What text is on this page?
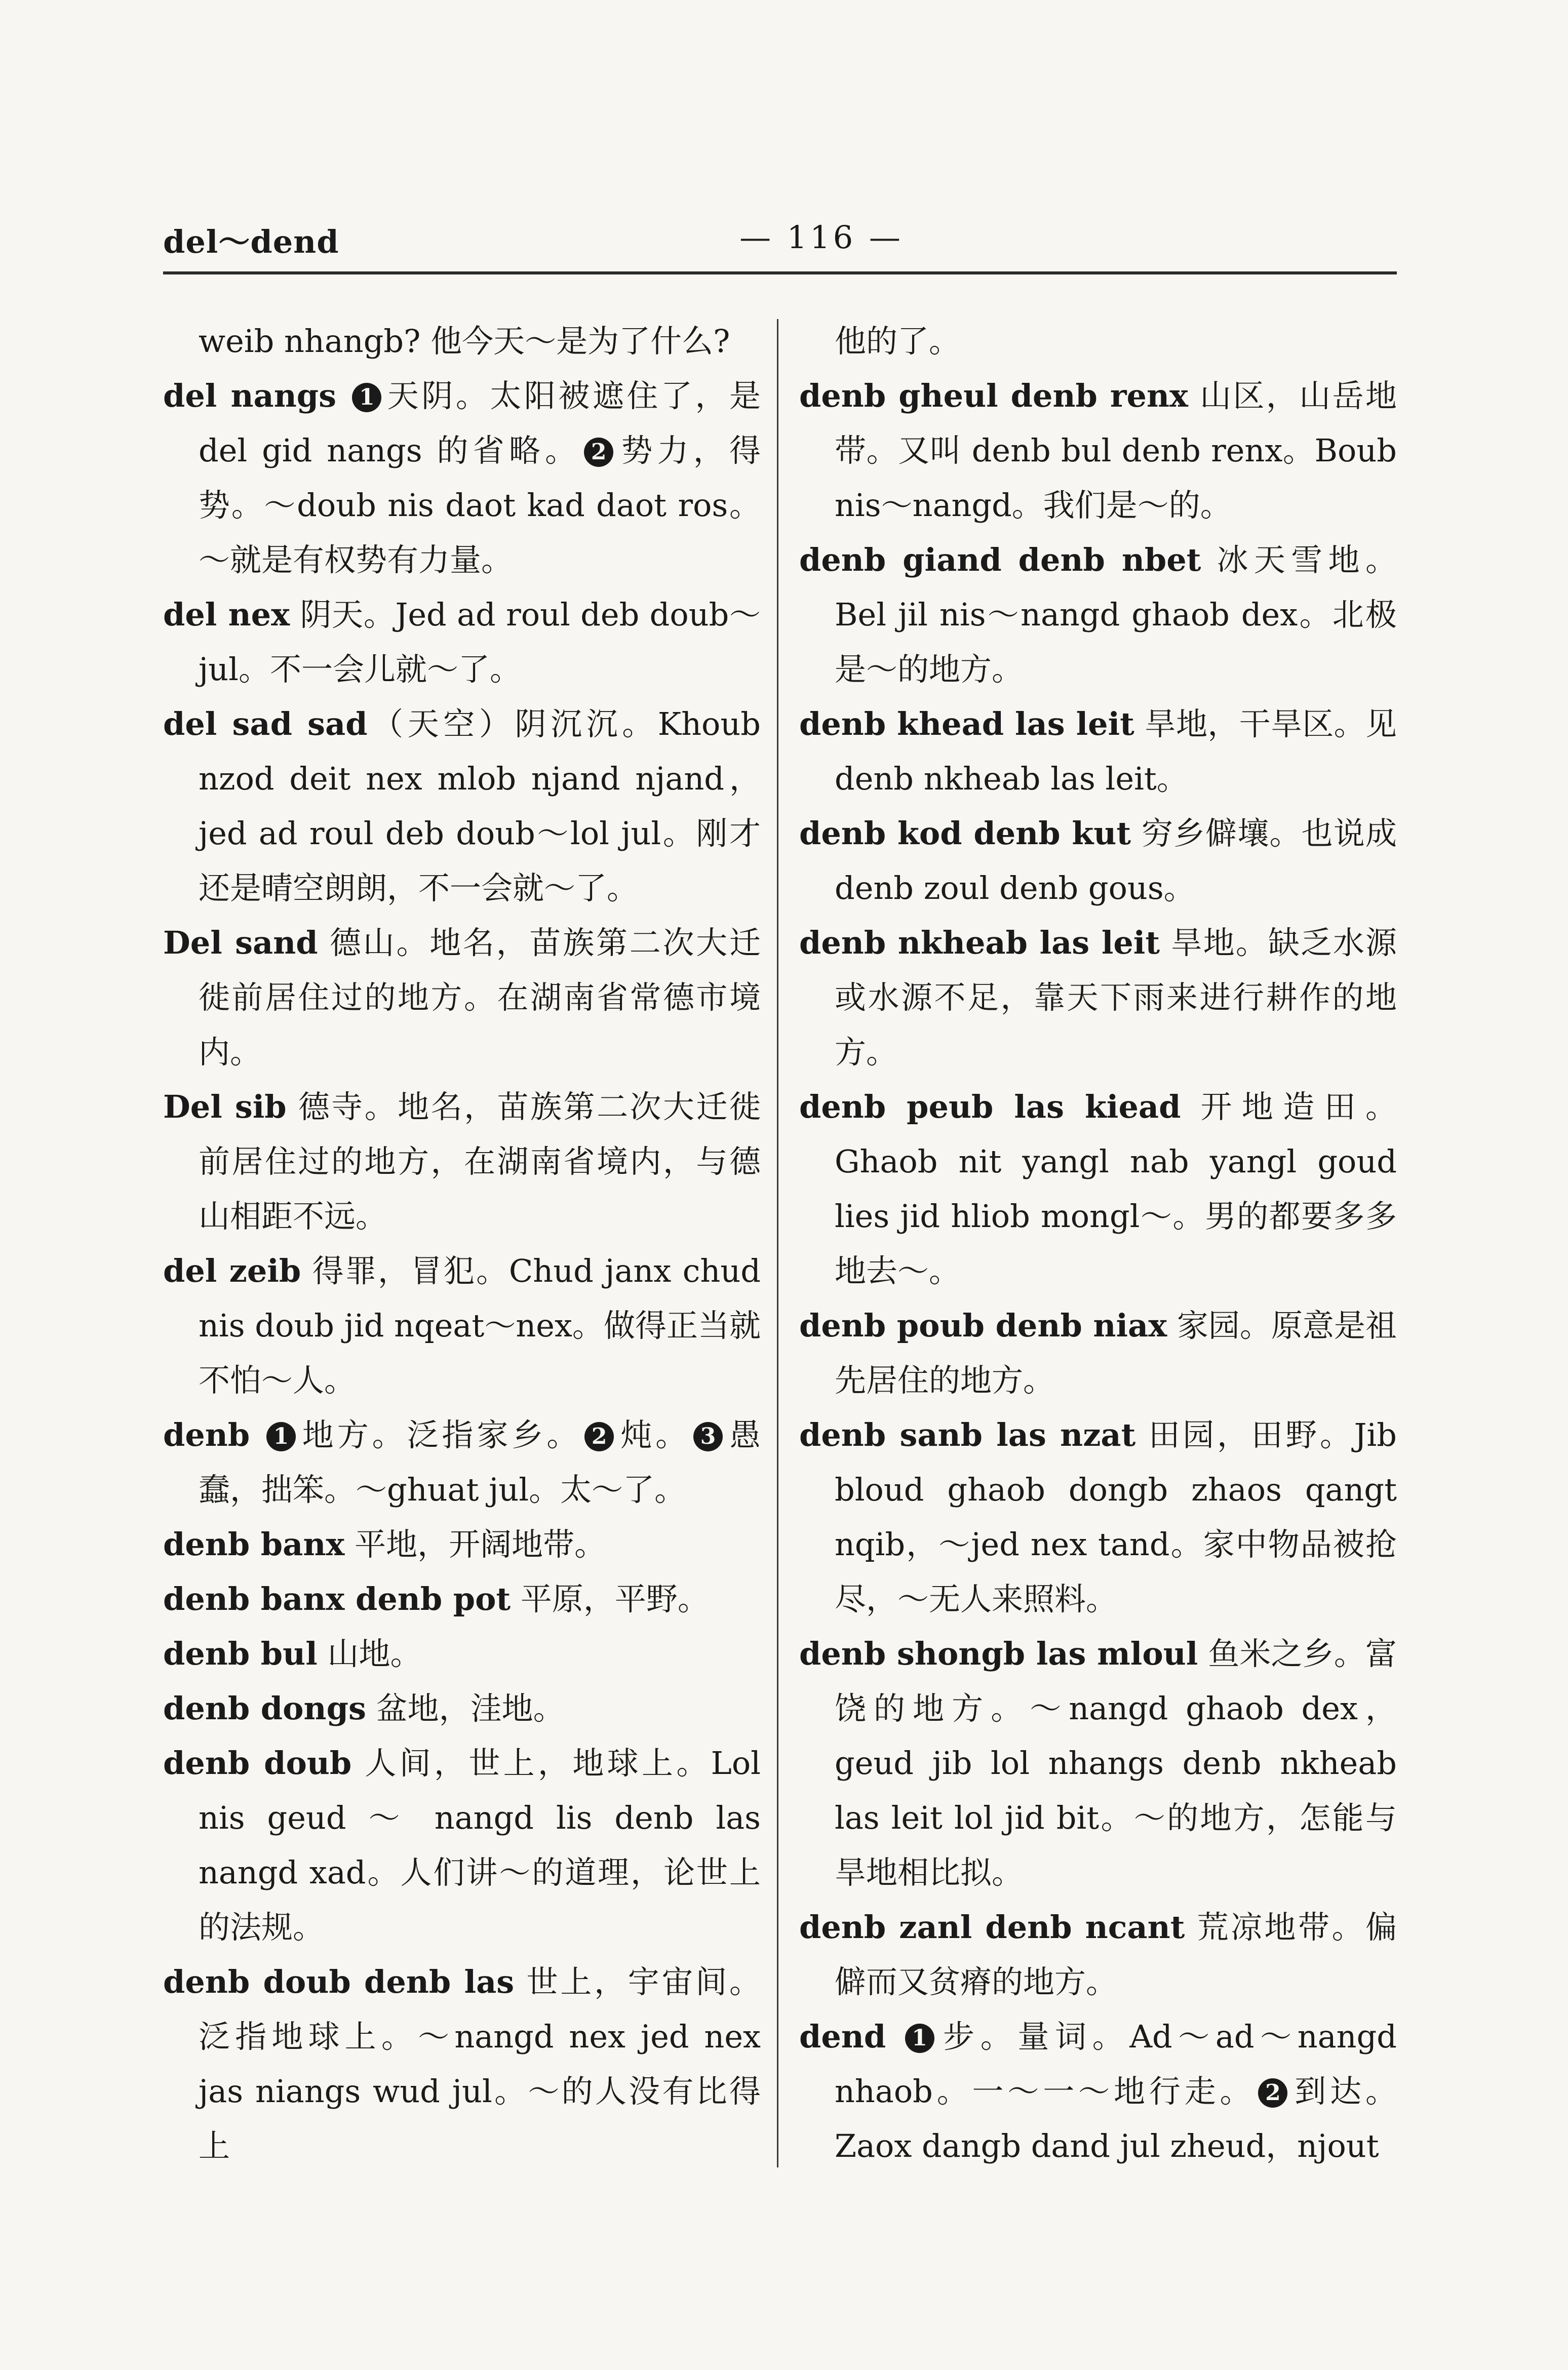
del～dend	— 116 —

weib nhangb? 他今天～是为了什么?

del nangs 1 天阴。太阳被遮住了，是 del gid nangs 的省略。 2 势力，得势。～doub nis daot kad daot ros。～就是有权势有力量。

del nex 阴天。Jed ad roul deb doub～jul。不一会儿就～了。

del sad sad（天空）阴沉沉。Khoub nzod deit nex mlob njand njand，jed ad roul deb doub～lol jul。刚才还是晴空朗朗，不一会就～了。

Del sand 德山。地名，苗族第二次大迁徙前居住过的地方。在湖南省常德市境内。

Del sib 德寺。地名，苗族第二次大迁徙前居住过的地方，在湖南省境内，与德山相距不远。

del zeib 得罪，冒犯。Chud janx chud nis doub jid nqeat～nex。做得正当就不怕～人。

denb 1 地方。泛指家乡。 2 炖。 3 愚蠢，拙笨。～ghuat jul。太～了。

denb banx 平地，开阔地带。

denb banx denb pot 平原，平野。

denb bul 山地。

denb dongs 盆地，洼地。

denb doub 人间，世上，地球上。Lol nis geud ～ nangd lis denb las nangd xad。人们讲～的道理，论世上的法规。

denb doub denb las 世上，宇宙间。泛指地球上。～nangd nex jed nex jas niangs wud jul。～的人没有比得上

他的了。

denb gheul denb renx 山区，山岳地带。又叫 denb bul denb renx。Boub nis～nangd。我们是～的。

denb giand denb nbet 冰天雪地。Bel jil nis～nangd ghaob dex。北极是～的地方。

denb khead las leit 旱地，干旱区。见 denb nkheab las leit。

denb kod denb kut 穷乡僻壤。也说成 denb zoul denb gous。

denb nkheab las leit 旱地。缺乏水源或水源不足，靠天下雨来进行耕作的地方。

denb peub las kiead 开地造田。Ghaob nit yangl nab yangl goud lies jid hliob mongl～。男的都要多多地去～。

denb poub denb niax 家园。原意是祖先居住的地方。

denb sanb las nzat 田园，田野。Jib bloud ghaob dongb zhaos qangt nqib，～jed nex tand。家中物品被抢尽，～无人来照料。

denb shongb las mloul 鱼米之乡。富饶的地方。～nangd ghaob dex，geud jib lol nhangs denb nkheab las leit lol jid bit。～的地方，怎能与旱地相比拟。

denb zanl denb ncant 荒凉地带。偏僻而又贫瘠的地方。

dend 1 步。量词。Ad～ad～nangd nhaob。一～一～地行走。 2 到达。Zaox dangb dand jul zheud，njout
